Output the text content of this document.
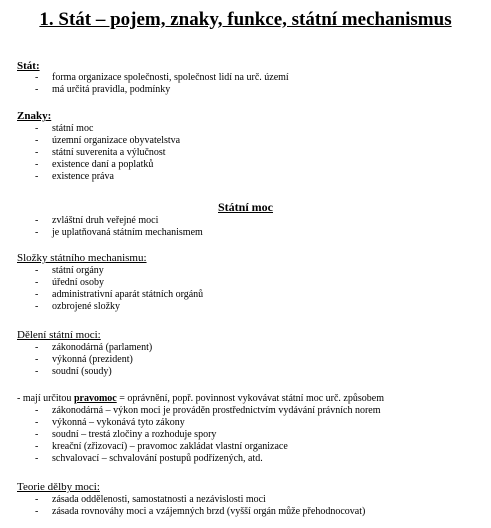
1. Stát – pojem, znaky, funkce, státní mechanismus
Stát:
- forma organizace společnosti, společnost lidí na urč. území
- má určitá pravidla, podmínky
Znaky:
- státní moc
- územní organizace obyvatelstva
- státní suverenita a výlučnost
- existence daní a poplatků
- existence práva
Státní moc
- zvláštní druh veřejné moci
- je uplatňovaná státním mechanismem
Složky státního mechanismu:
- státní orgány
- úřední osoby
- administrativní aparát státních orgánů
- ozbrojené složky
Dělení státní moci:
- zákonodárná (parlament)
- výkonná (prezident)
- soudní (soudy)
- mají určitou pravomoc = oprávnění, popř. povinnost vykovávat státní moc urč. způsobem
- zákonodárná – výkon moci je prováděn prostřednictvím vydávání právních norem
- výkonná – vykonává tyto zákony
- soudní – trestá zločiny a rozhoduje spory
- kreační (zřizovací) – pravomoc zakládat vlastní organizace
- schvalovací – schvalování postupů podřízených, atd.
Teorie dělby moci:
- zásada oddělenosti, samostatnosti a nezávislosti moci
- zásada rovnováhy moci a vzájemných brzd (vyšší orgán může přehodnocovat)
